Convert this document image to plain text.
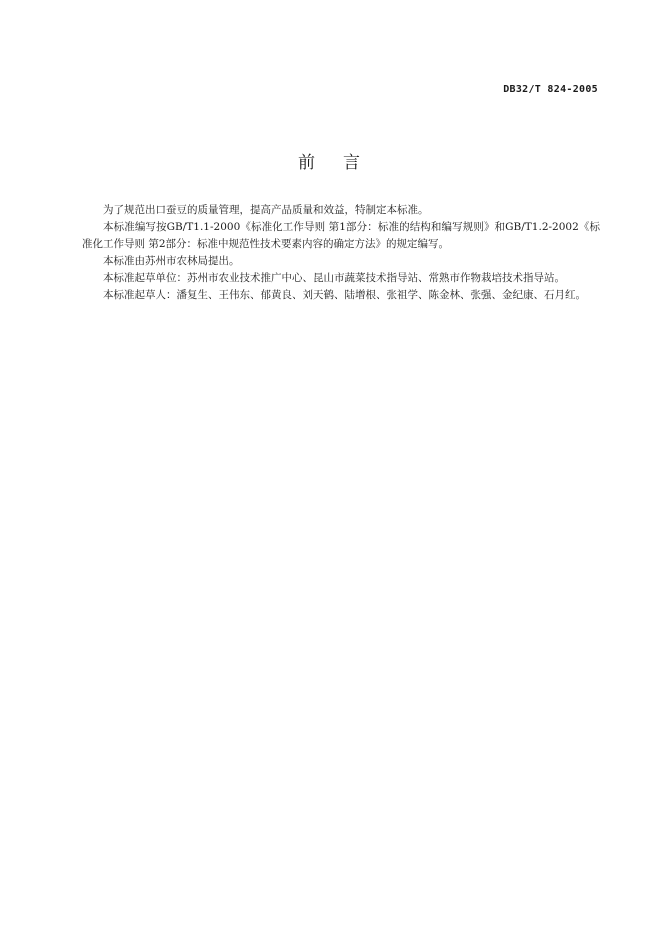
DB32/T 824-2005
前言

为了规范出口蚕豆的质量管理，提高产品质量和效益，特制定本标准。

本标准编写按GB/T1.1-2000《标准化工作导则 第1部分：标准的结构和编写规则》和GB/T1.2-2002《标准化工作导则 第2部分：标准中规范性技术要素内容的确定方法》的规定编写。

本标准由苏州市农林局提出。

本标准起草单位：苏州市农业技术推广中心、昆山市蔬菜技术指导站、常熟市作物栽培技术指导站。

本标准起草人：潘复生、王伟东、郁黄良、刘天鹤、陆增根、张祖学、陈金林、张强、金纪康、石月红。
